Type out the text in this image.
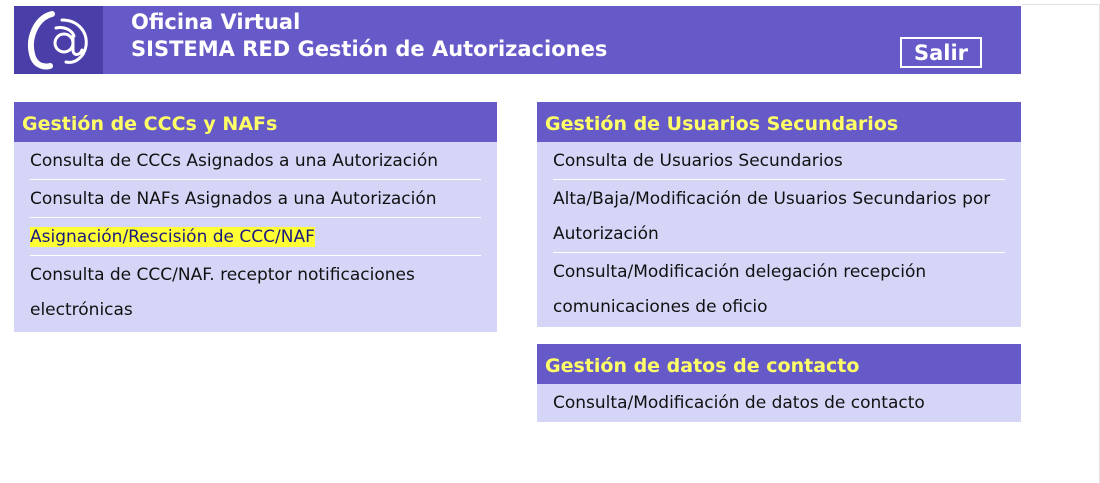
Oficina Virtual
SISTEMA RED Gestión de Autorizaciones	Salir
Gestión de CCCs y NAFs
Consulta de CCCs Asignados a una Autorización
Consulta de NAFs Asignados a una Autorización
Asignación/Rescisión de CCC/NAF
Consulta de CCC/NAF. receptor notificaciones electrónicas
Gestión de Usuarios Secundarios
Consulta de Usuarios Secundarios
Alta/Baja/Modificación de Usuarios Secundarios por Autorización
Consulta/Modificación delegación recepción comunicaciones de oficio
Gestión de datos de contacto
Consulta/Modificación de datos de contacto
